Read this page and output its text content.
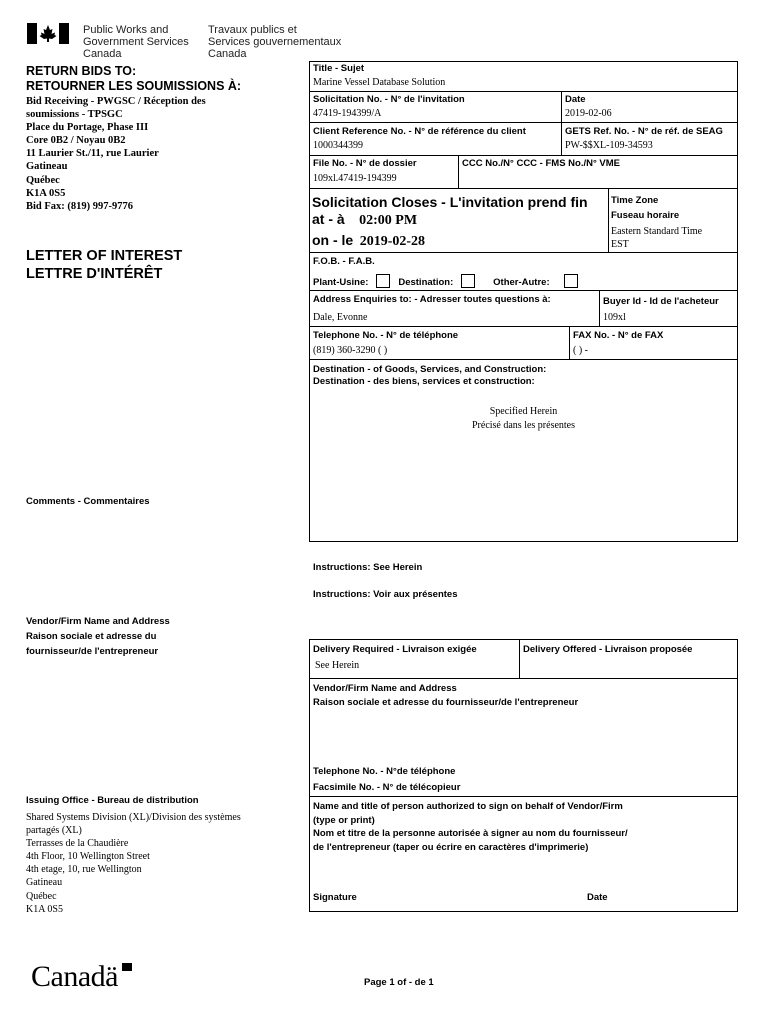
Public Works and
Government Services
Canada
Travaux publics et
Services gouvernementaux
Canada
RETURN BIDS TO:
RETOURNER LES SOUMISSIONS À:
Bid Receiving - PWGSC / Réception des
soumissions - TPSGC
Place du Portage, Phase III
Core 0B2 / Noyau 0B2
11 Laurier St./11, rue Laurier
Gatineau
Québec
K1A 0S5
Bid Fax: (819) 997-9776
LETTER OF INTEREST
LETTRE D'INTÉRÊT
Comments - Commentaires
Vendor/Firm Name and Address
Raison sociale et adresse du
fournisseur/de l'entrepreneur
Issuing Office - Bureau de distribution
Shared Systems Division (XL)/Division des systèmes
partagés (XL)
Terrasses de la Chaudière
4th Floor, 10 Wellington Street
4th etage, 10, rue Wellington
Gatineau
Québec
K1A 0S5
Title - Sujet
Marine Vessel Database Solution
Solicitation No. - N° de l'invitation
47419-194399/A
Date
2019-02-06
Client Reference No. - N° de référence du client
1000344399
GETS Ref. No. - N° de réf. de SEAG
PW-$$XL-109-34593
File No. - N° de dossier
109xl.47419-194399
CCC No./N° CCC - FMS No./N° VME
Solicitation Closes - L'invitation prend fin
at - à 02:00 PM
on - le 2019-02-28
Time Zone
Fuseau horaire
Eastern Standard Time
EST
F.O.B. - F.A.B.
Plant-Usine:	Destination:	Other-Autre:
Address Enquiries to: - Adresser toutes questions à:
Dale, Evonne
Buyer Id - Id de l'acheteur
109xl
Telephone No. - N° de téléphone
(819) 360-3290 ( )
FAX No. - N° de FAX
( ) -
Destination - of Goods, Services, and Construction:
Destination - des biens, services et construction:
Specified Herein
Précisé dans les présentes
Instructions: See Herein
Instructions: Voir aux présentes
Delivery Required - Livraison exigée
See Herein
Delivery Offered - Livraison proposée
Vendor/Firm Name and Address
Raison sociale et adresse du fournisseur/de l'entrepreneur
Telephone No. - N°de téléphone
Facsimile No. - N° de télécopieur
Name and title of person authorized to sign on behalf of Vendor/Firm
(type or print)
Nom et titre de la personne autorisée à signer au nom du fournisseur/
de l'entrepreneur (taper ou écrire en caractères d'imprimerie)
Signature	Date
Canadä	Page 1 of - de 1
